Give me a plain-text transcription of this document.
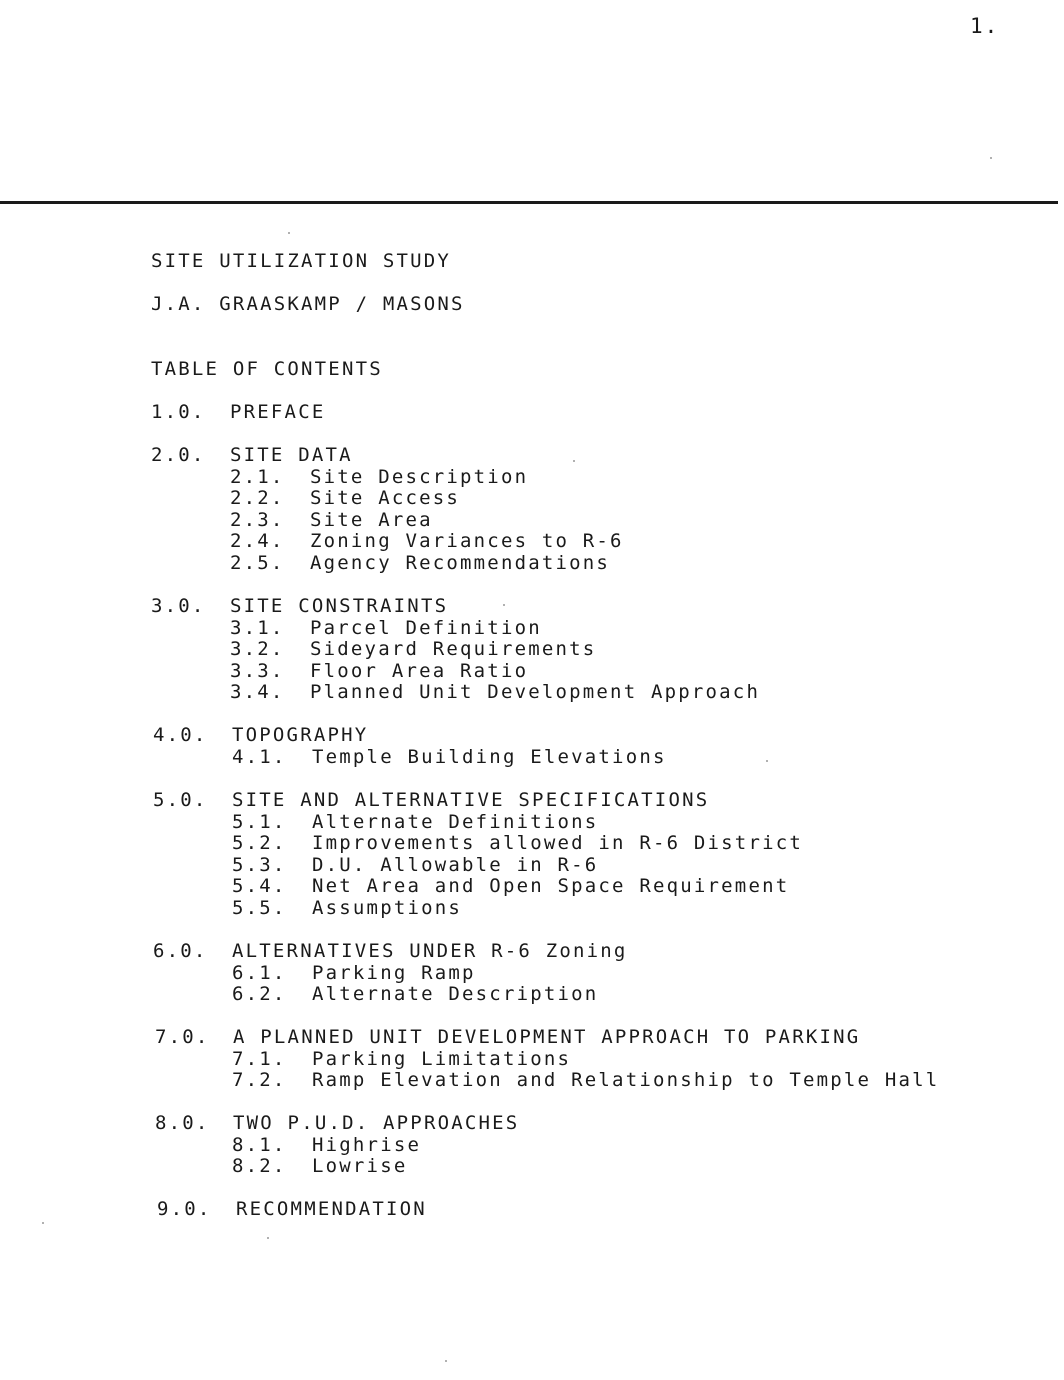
1.
SITE UTILIZATION STUDY
J.A. GRAASKAMP / MASONS
TABLE OF CONTENTS
1.0. PREFACE
2.0. SITE DATA
2.1. Site Description
2.2. Site Access
2.3. Site Area
2.4. Zoning Variances to R-6
2.5. Agency Recommendations
3.0. SITE CONSTRAINTS
3.1. Parcel Definition
3.2. Sideyard Requirements
3.3. Floor Area Ratio
3.4. Planned Unit Development Approach
4.0. TOPOGRAPHY
4.1. Temple Building Elevations
5.0. SITE AND ALTERNATIVE SPECIFICATIONS
5.1. Alternate Definitions
5.2. Improvements allowed in R-6 District
5.3. D.U. Allowable in R-6
5.4. Net Area and Open Space Requirement
5.5. Assumptions
6.0. ALTERNATIVES UNDER R-6 Zoning
6.1. Parking Ramp
6.2. Alternate Description
7.0. A PLANNED UNIT DEVELOPMENT APPROACH TO PARKING
7.1. Parking Limitations
7.2. Ramp Elevation and Relationship to Temple Hall
8.0. TWO P.U.D. APPROACHES
8.1. Highrise
8.2. Lowrise
9.0. RECOMMENDATION
